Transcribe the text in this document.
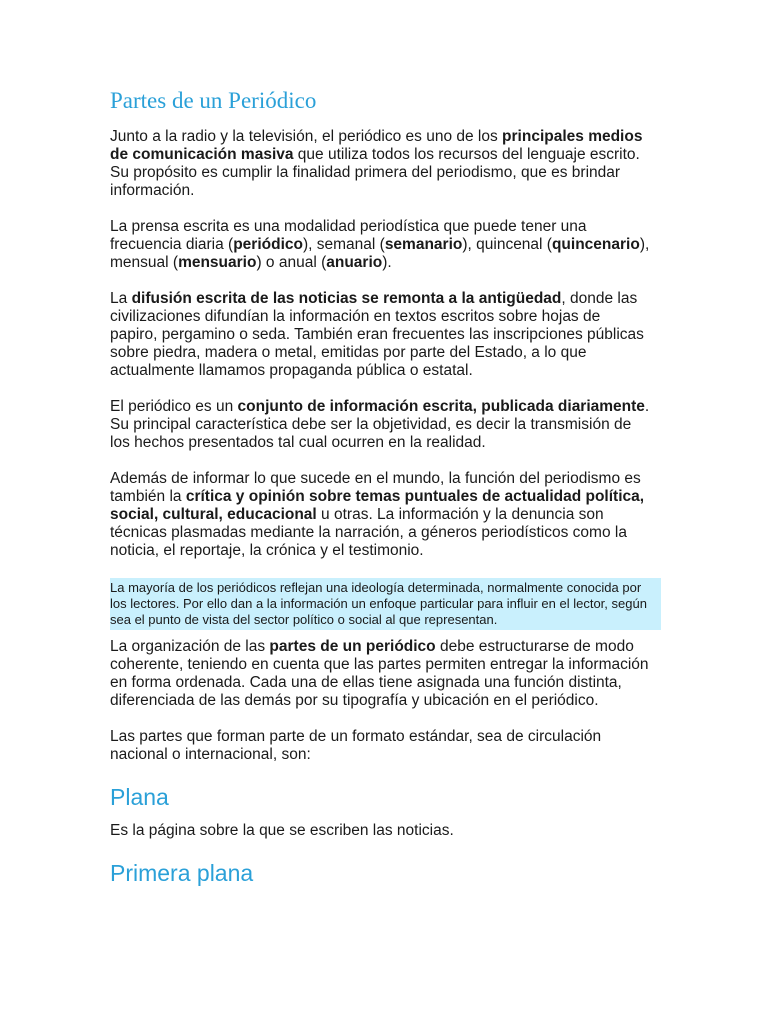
Partes de un Periódico

Junto a la radio y la televisión, el periódico es uno de los principales medios de comunicación masiva que utiliza todos los recursos del lenguaje escrito. Su propósito es cumplir la finalidad primera del periodismo, que es brindar información.

La prensa escrita es una modalidad periodística que puede tener una frecuencia diaria (periódico), semanal (semanario), quincenal (quincenario), mensual (mensuario) o anual (anuario).

La difusión escrita de las noticias se remonta a la antigüedad, donde las civilizaciones difundían la información en textos escritos sobre hojas de papiro, pergamino o seda. También eran frecuentes las inscripciones públicas sobre piedra, madera o metal, emitidas por parte del Estado, a lo que actualmente llamamos propaganda pública o estatal.

El periódico es un conjunto de información escrita, publicada diariamente. Su principal característica debe ser la objetividad, es decir la transmisión de los hechos presentados tal cual ocurren en la realidad.

Además de informar lo que sucede en el mundo, la función del periodismo es también la crítica y opinión sobre temas puntuales de actualidad política, social, cultural, educacional u otras. La información y la denuncia son técnicas plasmadas mediante la narración, a géneros periodísticos como la noticia, el reportaje, la crónica y el testimonio.

La mayoría de los periódicos reflejan una ideología determinada, normalmente conocida por los lectores. Por ello dan a la información un enfoque particular para influir en el lector, según sea el punto de vista del sector político o social al que representan.

La organización de las partes de un periódico debe estructurarse de modo coherente, teniendo en cuenta que las partes permiten entregar la información en forma ordenada. Cada una de ellas tiene asignada una función distinta, diferenciada de las demás por su tipografía y ubicación en el periódico.

Las partes que forman parte de un formato estándar, sea de circulación nacional o internacional, son:

Plana

Es la página sobre la que se escriben las noticias.

Primera plana
